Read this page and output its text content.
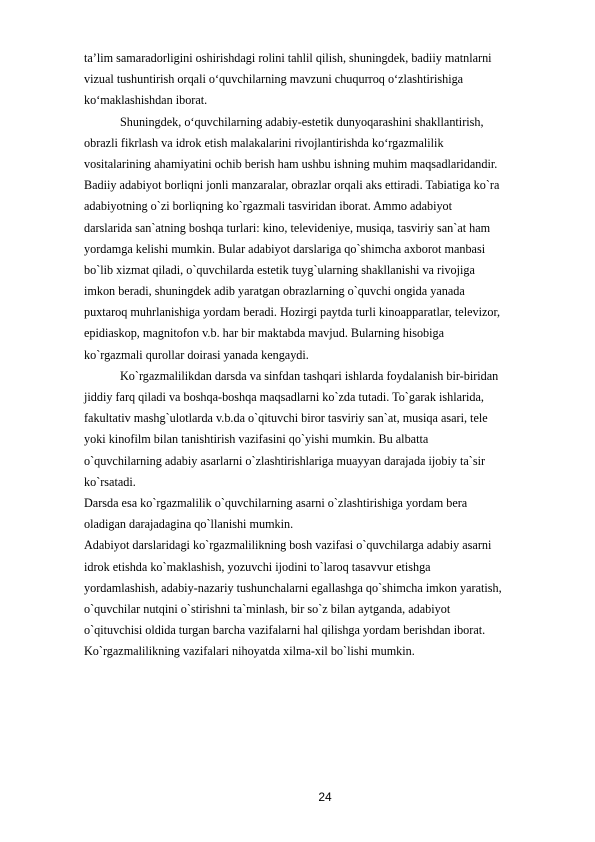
ta’lim samaradorligini oshirishdagi rolini tahlil qilish, shuningdek, badiiy matnlarni
vizual tushuntirish orqali o‘quvchilarning mavzuni chuqurroq o‘zlashtirishiga
ko‘maklashishdan iborat.
Shuningdek, o‘quvchilarning adabiy-estetik dunyoqarashini shakllantirish,
obrazli fikrlash va idrok etish malakalarini rivojlantirishda ko‘rgazmalilik
vositalarining ahamiyatini ochib berish ham ushbu ishning muhim maqsadlaridandir.
Badiiy adabiyot borliqni jonli manzaralar, obrazlar orqali aks ettiradi. Tabiatiga ko`ra
adabiyotning o`zi borliqning ko`rgazmali tasviridan iborat. Ammo adabiyot
darslarida san`atning boshqa turlari: kino, televideniye, musiqa, tasviriy san`at ham
yordamga kelishi mumkin. Bular adabiyot darslariga qo`shimcha axborot manbasi
bo`lib xizmat qiladi, o`quvchilarda estetik tuyg`ularning shakllanishi va rivojiga
imkon beradi, shuningdek adib yaratgan obrazlarning o`quvchi ongida yanada
puxtaroq muhrlanishiga yordam beradi. Hozirgi paytda turli kinoapparatlar, televizor,
epidiaskop, magnitofon v.b. har bir maktabda mavjud. Bularning hisobiga
ko`rgazmali qurollar doirasi yanada kengaydi.
Ko`rgazmalilikdan darsda va sinfdan tashqari ishlarda foydalanish bir-biridan
jiddiy farq qiladi va boshqa-boshqa maqsadlarni ko`zda tutadi. To`garak ishlarida,
fakultativ mashg`ulotlarda v.b.da o`qituvchi biror tasviriy san`at, musiqa asari, tele
yoki kinofilm bilan tanishtirish vazifasini qo`yishi mumkin. Bu albatta
o`quvchilarning adabiy asarlarni o`zlashtirishlariga muayyan darajada ijobiy ta`sir
ko`rsatadi.
Darsda esa ko`rgazmalilik o`quvchilarning asarni o`zlashtirishiga yordam bera
oladigan darajadagina qo`llanishi mumkin.
Adabiyot darslaridagi ko`rgazmalilikning bosh vazifasi o`quvchilarga adabiy asarni
idrok etishda ko`maklashish, yozuvchi ijodini to`laroq tasavvur etishga
yordamlashish, adabiy-nazariy tushunchalarni egallashga qo`shimcha imkon yaratish,
o`quvchilar nutqini o`stirishni ta`minlash, bir so`z bilan aytganda, adabiyot
o`qituvchisi oldida turgan barcha vazifalarni hal qilishga yordam berishdan iborat.
Ko`rgazmalilikning vazifalari nihoyatda xilma-xil bo`lishi mumkin.
24
